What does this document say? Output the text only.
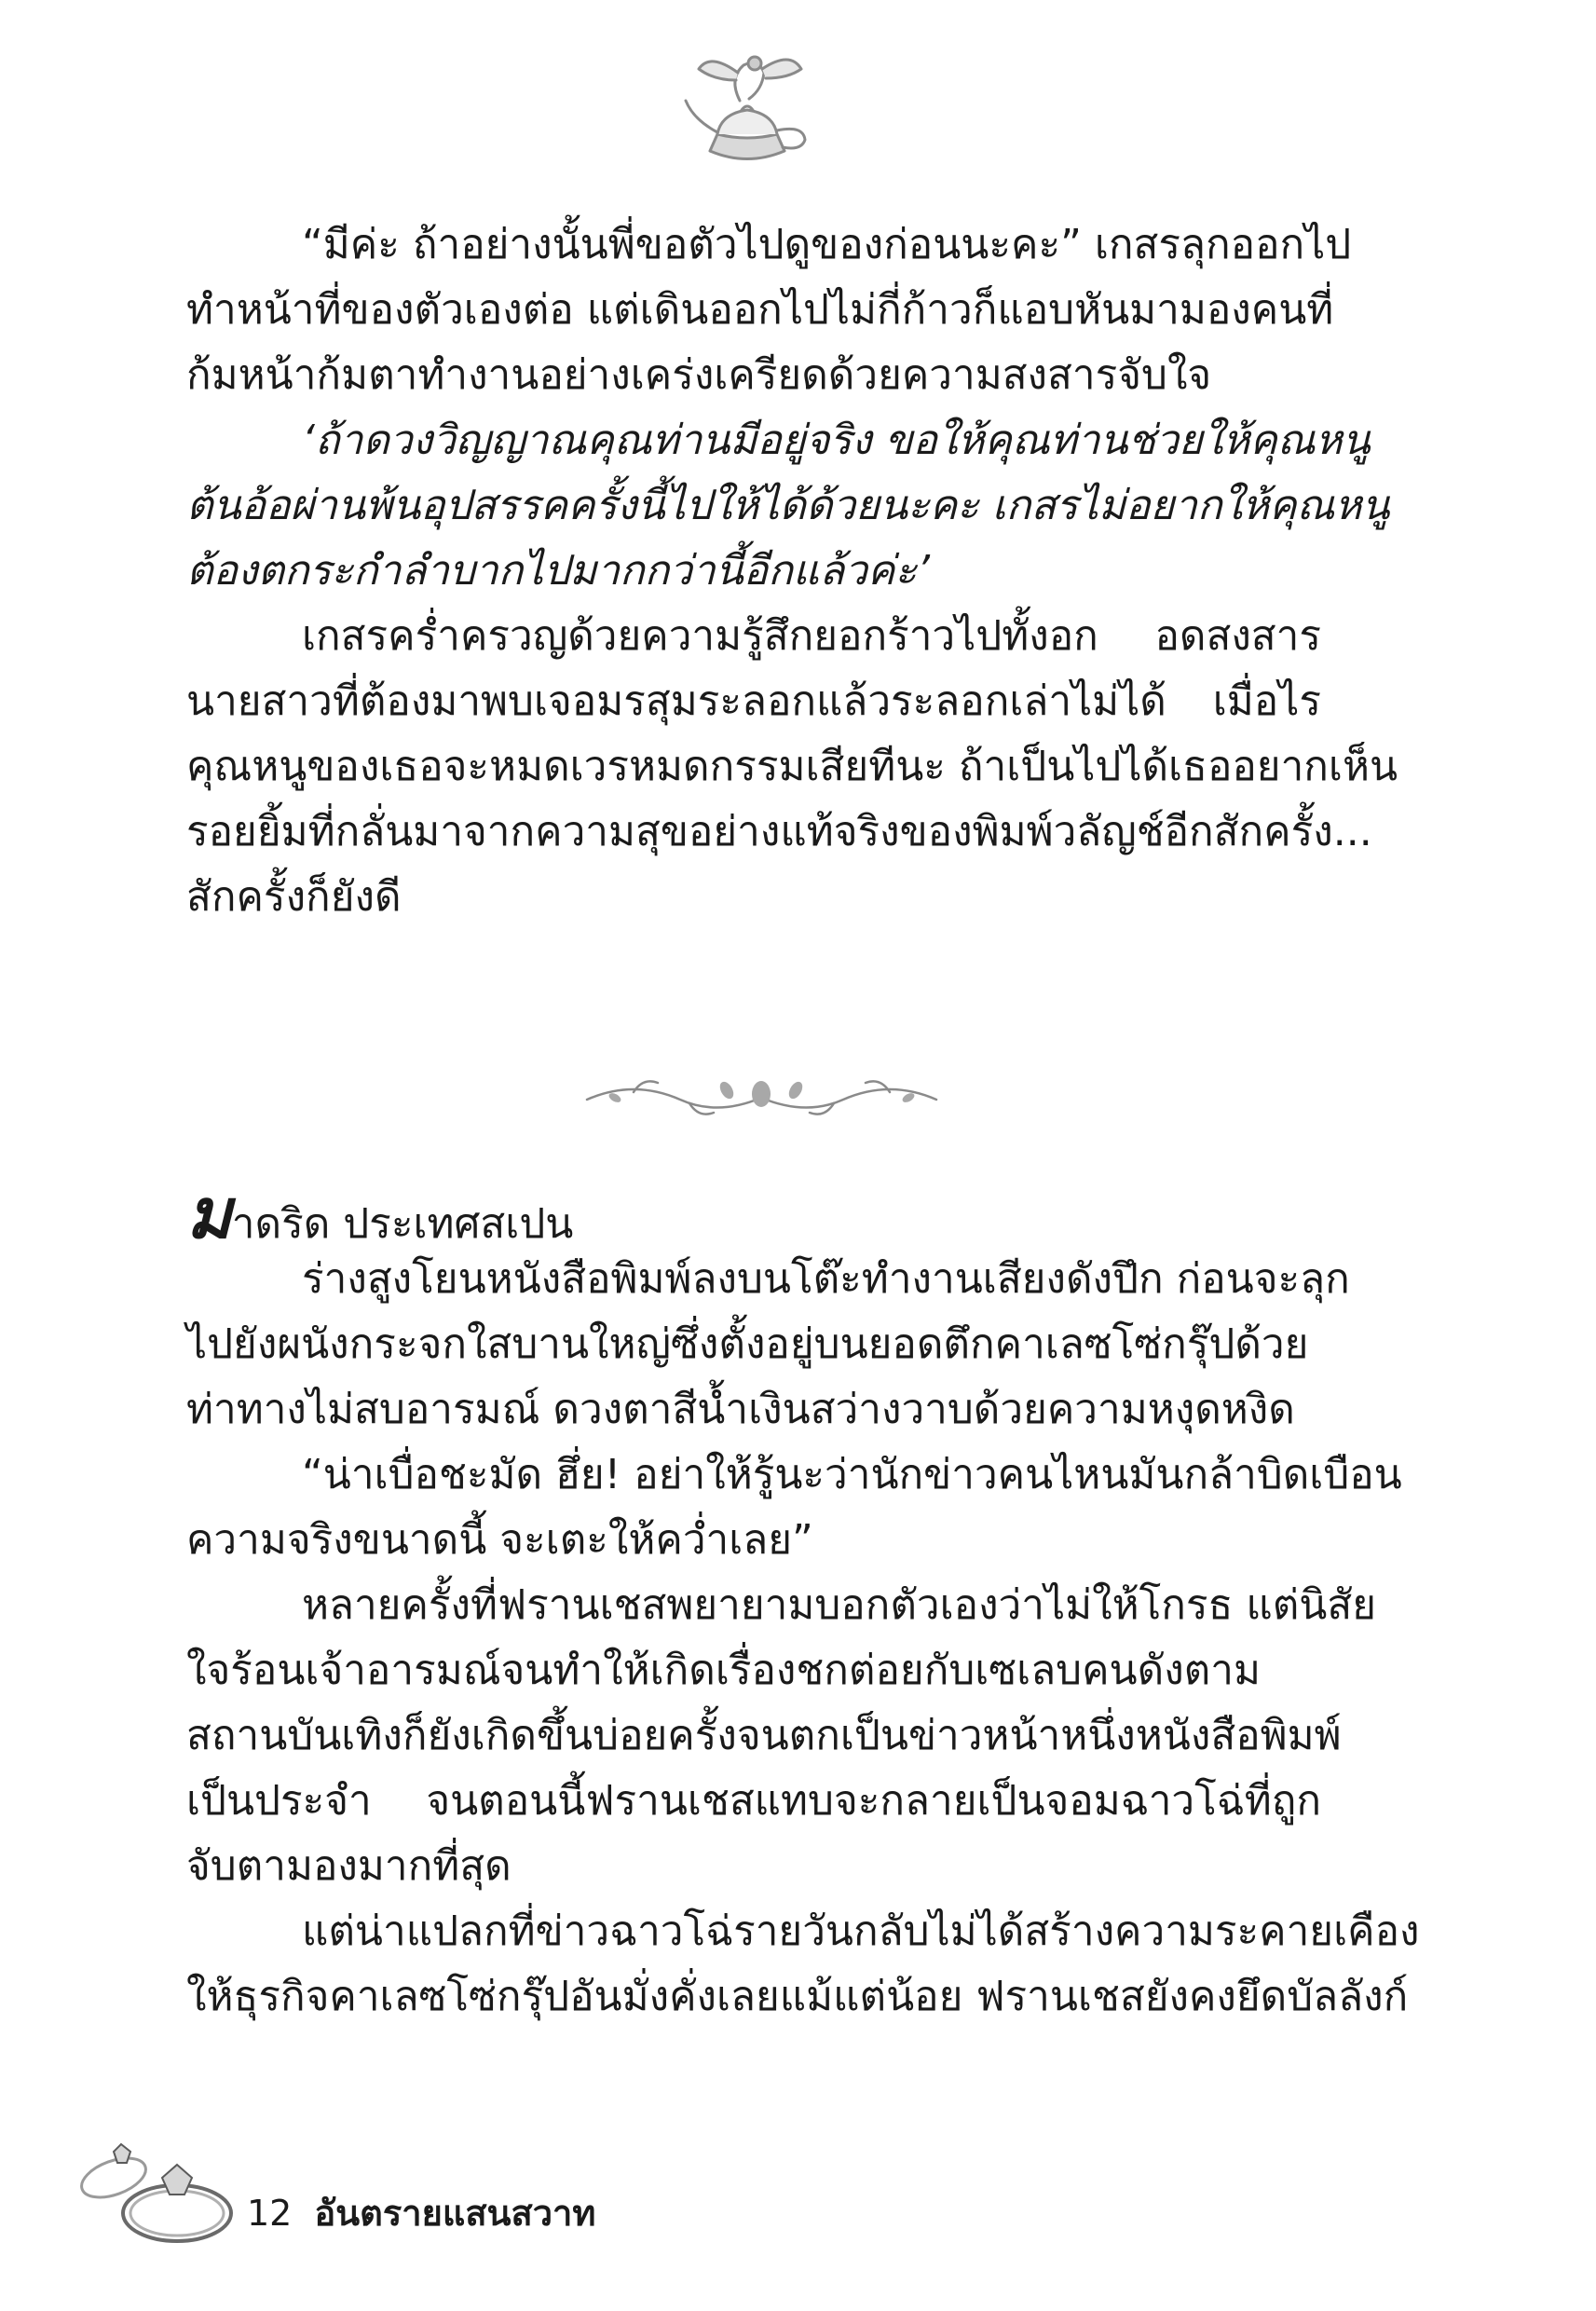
“มีค่ะ ถ้าอย่างนั้นพี่ขอตัวไปดูของก่อนนะคะ” เกสรลุกออกไป
ทำหน้าที่ของตัวเองต่อ แต่เดินออกไปไม่กี่ก้าวก็แอบหันมามองคนที่
ก้มหน้าก้มตาทำงานอย่างเคร่งเครียดด้วยความสงสารจับใจ
‘ถ้าดวงวิญญาณคุณท่านมีอยู่จริง ขอให้คุณท่านช่วยให้คุณหนู
ต้นอ้อผ่านพ้นอุปสรรคครั้งนี้ไปให้ได้ด้วยนะคะ เกสรไม่อยากให้คุณหนู
ต้องตกระกำลำบากไปมากกว่านี้อีกแล้วค่ะ’
เกสรคร่ำครวญด้วยความรู้สึกยอกร้าวไปทั้งอก อดสงสาร
นายสาวที่ต้องมาพบเจอมรสุมระลอกแล้วระลอกเล่าไม่ได้ เมื่อไร
คุณหนูของเธอจะหมดเวรหมดกรรมเสียทีนะ ถ้าเป็นไปได้เธออยากเห็น
รอยยิ้มที่กลั่นมาจากความสุขอย่างแท้จริงของพิมพ์วลัญช์อีกสักครั้ง...
สักครั้งก็ยังดี
มาดริด ประเทศสเปน
ร่างสูงโยนหนังสือพิมพ์ลงบนโต๊ะทำงานเสียงดังปึก ก่อนจะลุก
ไปยังผนังกระจกใสบานใหญ่ซึ่งตั้งอยู่บนยอดตึกคาเลซโซ่กรุ๊ปด้วย
ท่าทางไม่สบอารมณ์ ดวงตาสีน้ำเงินสว่างวาบด้วยความหงุดหงิด
“น่าเบื่อชะมัด ฮึ่ย! อย่าให้รู้นะว่านักข่าวคนไหนมันกล้าบิดเบือน
ความจริงขนาดนี้ จะเตะให้คว่ำเลย”
หลายครั้งที่ฟรานเชสพยายามบอกตัวเองว่าไม่ให้โกรธ แต่นิสัย
ใจร้อนเจ้าอารมณ์จนทำให้เกิดเรื่องชกต่อยกับเซเลบคนดังตาม
สถานบันเทิงก็ยังเกิดขึ้นบ่อยครั้งจนตกเป็นข่าวหน้าหนึ่งหนังสือพิมพ์
เป็นประจำ จนตอนนี้ฟรานเชสแทบจะกลายเป็นจอมฉาวโฉ่ที่ถูก
จับตามองมากที่สุด
แต่น่าแปลกที่ข่าวฉาวโฉ่รายวันกลับไม่ได้สร้างความระคายเคือง
ให้ธุรกิจคาเลซโซ่กรุ๊ปอันมั่งคั่งเลยแม้แต่น้อย ฟรานเชสยังคงยึดบัลลังก์
12 อันตรายแสนสวาท
